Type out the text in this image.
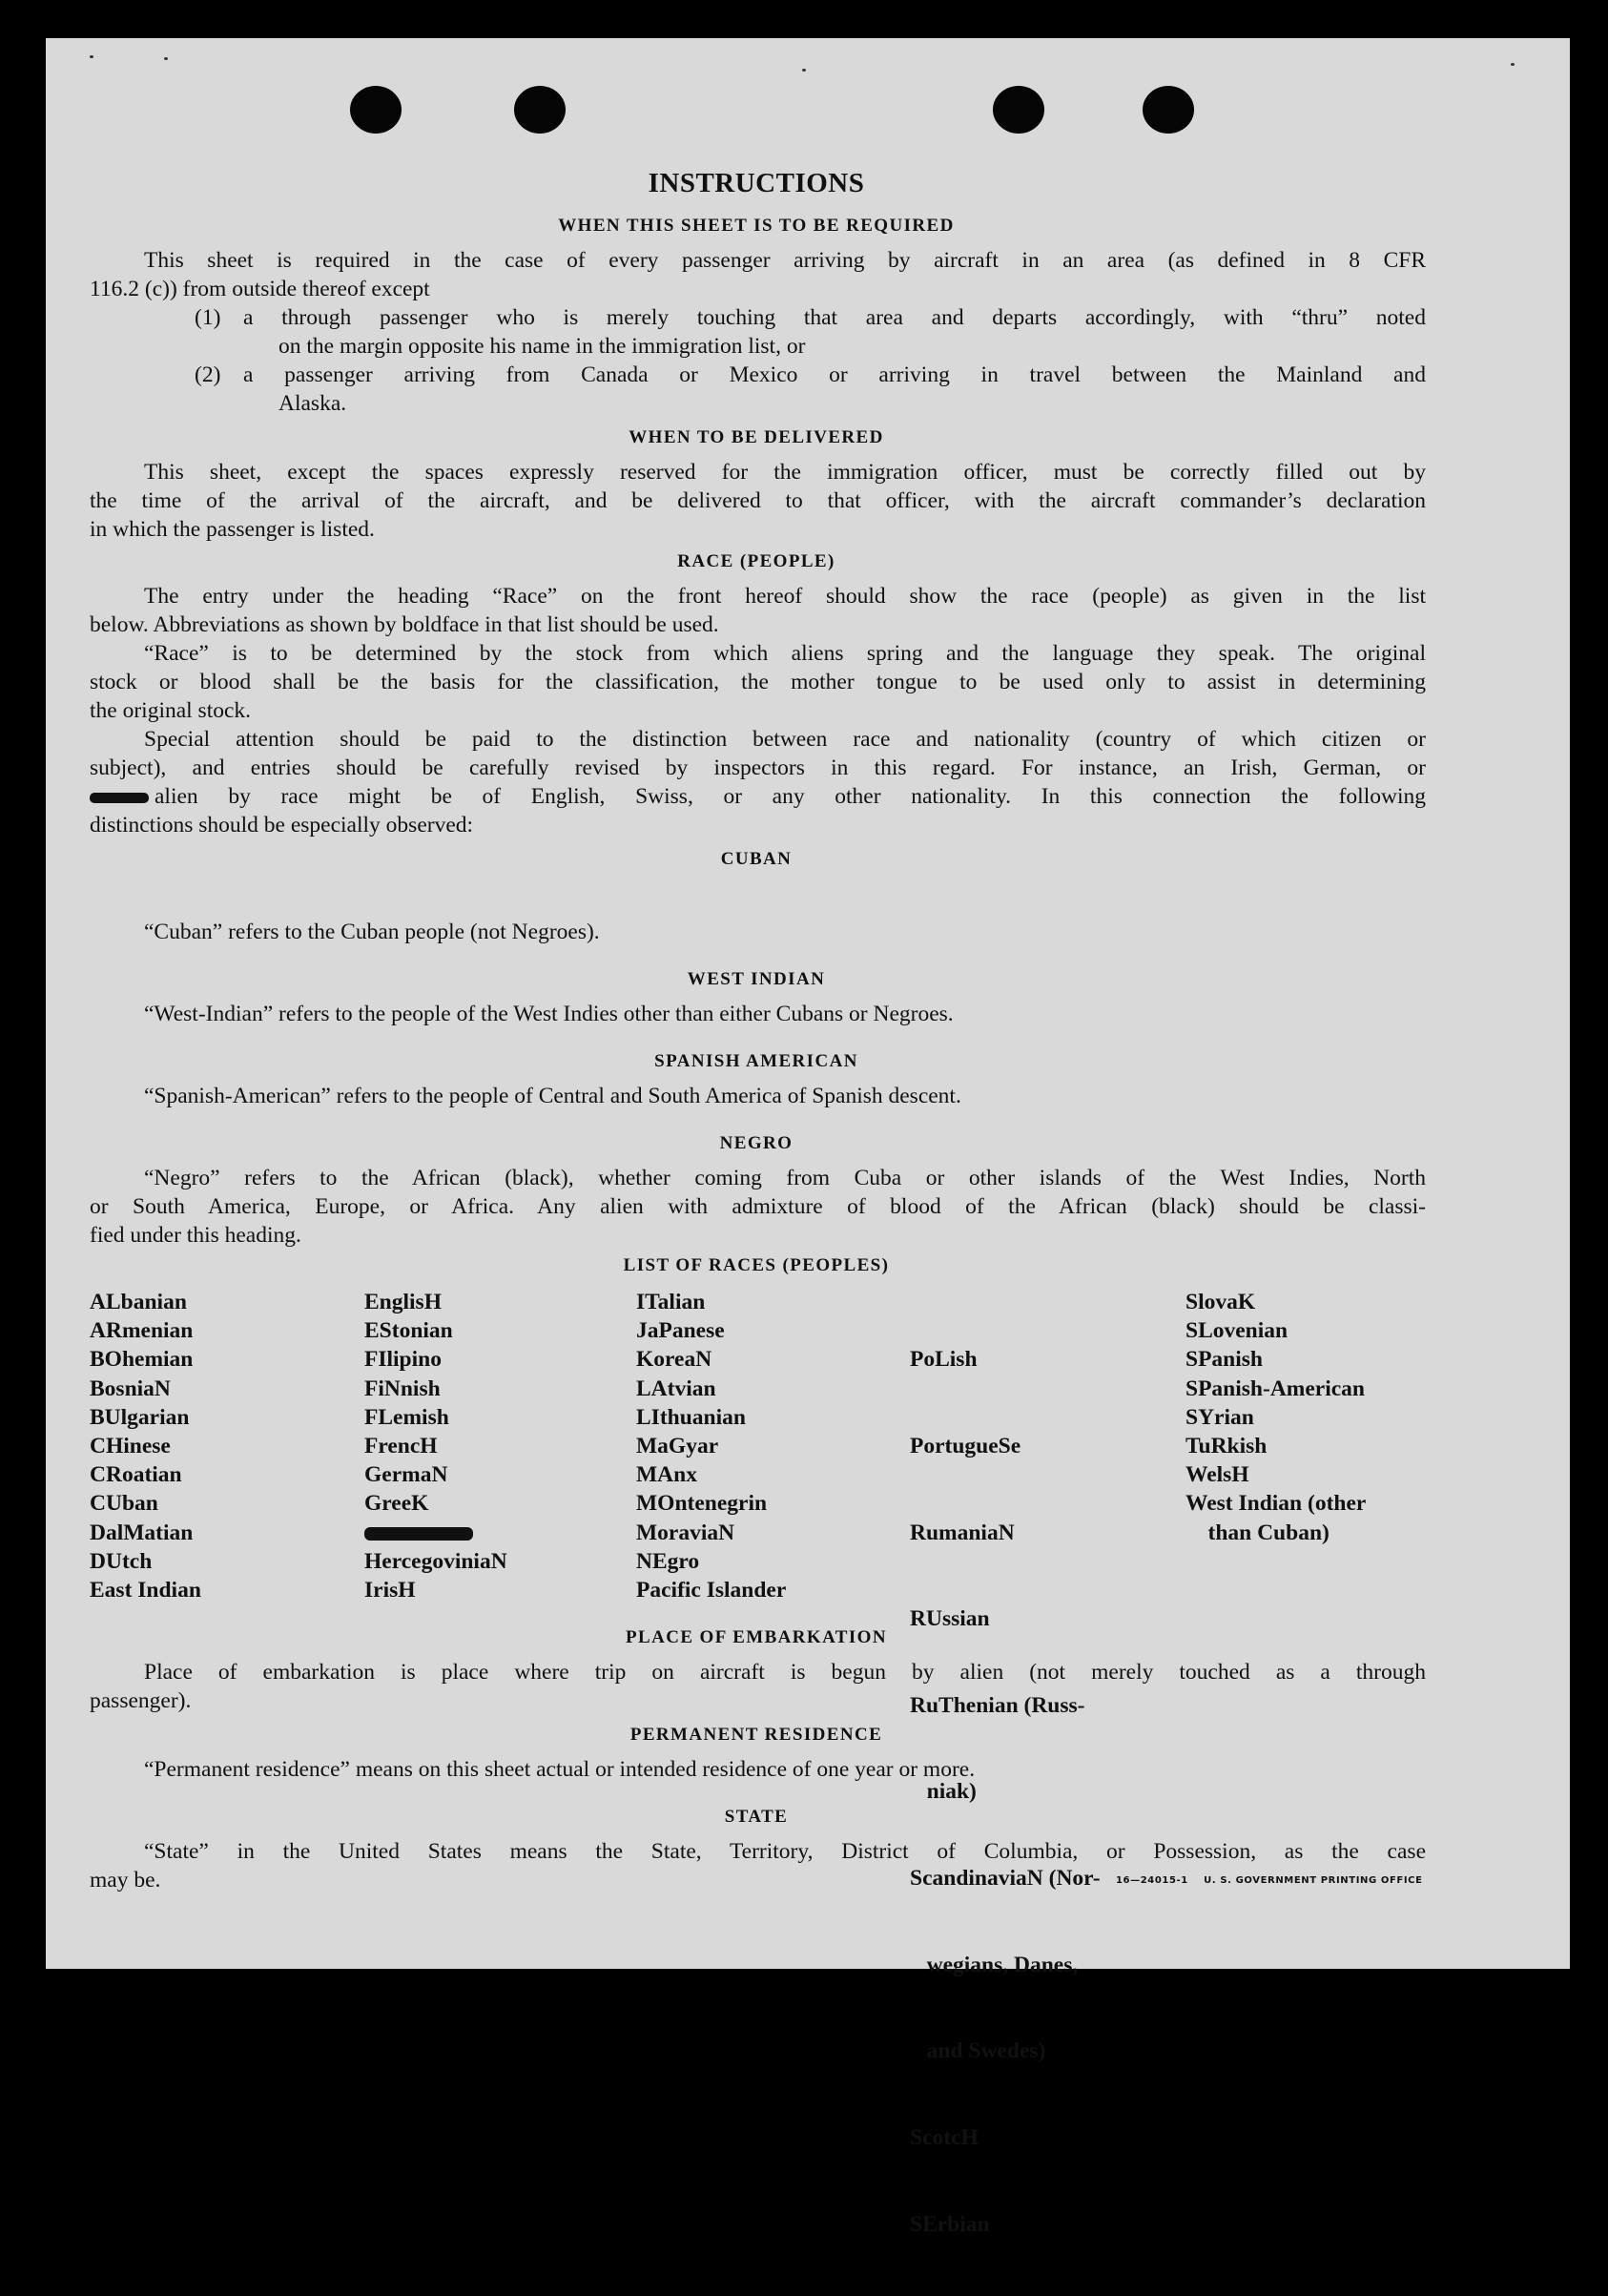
INSTRUCTIONS
WHEN THIS SHEET IS TO BE REQUIRED
This sheet is required in the case of every passenger arriving by aircraft in an area (as defined in 8 CFR
116.2 (c)) from outside thereof except
(1) a through passenger who is merely touching that area and departs accordingly, with “thru” noted
on the margin opposite his name in the immigration list, or
(2) a passenger arriving from Canada or Mexico or arriving in travel between the Mainland and
Alaska.
WHEN TO BE DELIVERED
This sheet, except the spaces expressly reserved for the immigration officer, must be correctly filled out by
the time of the arrival of the aircraft, and be delivered to that officer, with the aircraft commander’s declaration
in which the passenger is listed.
RACE (PEOPLE)
The entry under the heading “Race” on the front hereof should show the race (people) as given in the list
below. Abbreviations as shown by boldface in that list should be used.
“Race” is to be determined by the stock from which aliens spring and the language they speak. The original
stock or blood shall be the basis for the classification, the mother tongue to be used only to assist in determining
the original stock.
Special attention should be paid to the distinction between race and nationality (country of which citizen or
subject), and entries should be carefully revised by inspectors in this regard. For instance, an Irish, German, or
alien by race might be of English, Swiss, or any other nationality. In this connection the following
distinctions should be especially observed:
CUBAN
“Cuban” refers to the Cuban people (not Negroes).
WEST INDIAN
“West-Indian” refers to the people of the West Indies other than either Cubans or Negroes.
SPANISH AMERICAN
“Spanish-American” refers to the people of Central and South America of Spanish descent.
NEGRO
“Negro” refers to the African (black), whether coming from Cuba or other islands of the West Indies, North
or South America, Europe, or Africa. Any alien with admixture of blood of the African (black) should be classi-
fied under this heading.
LIST OF RACES (PEOPLES)
ALbanian
ARmenian
BOhemian
BosniaN
BUlgarian
CHinese
CRoatian
CUban
DalMatian
DUtch
East Indian
EnglisH
EStonian
FIlipino
FiNnish
FLemish
FrencH
GermaN
GreeK
HercegoviniaN
IrisH
ITalian
JaPanese
KoreaN
LAtvian
LIthuanian
MaGyar
MAnx
MOntenegrin
MoraviaN
NEgro
Pacific Islander

PoLish

PortugueSe

RumaniaN

RUssian

RuThenian (Russ-

niak)

ScandinaviaN (Nor-

wegians, Danes,

and Swedes)

ScotcH

SErbian

SlovaK
SLovenian
SPanish
SPanish-American
SYrian
TuRkish
WelsH
West Indian (other
than Cuban)
PLACE OF EMBARKATION
Place of embarkation is place where trip on aircraft is begun by alien (not merely touched as a through
passenger).
PERMANENT RESIDENCE
“Permanent residence” means on this sheet actual or intended residence of one year or more.
STATE
“State” in the United States means the State, Territory, District of Columbia, or Possession, as the case
may be.	16—24015-1    U. S. GOVERNMENT PRINTING OFFICE
